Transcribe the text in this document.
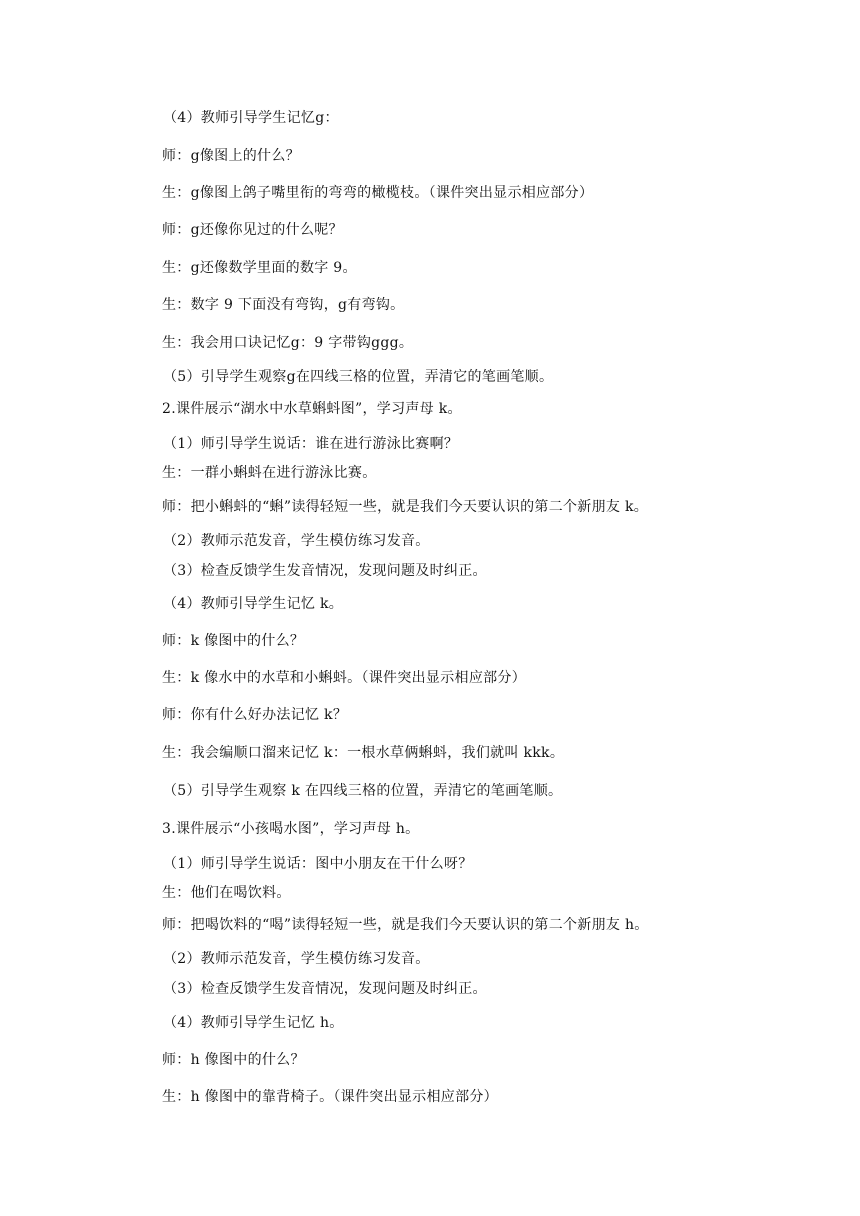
（4）教师引导学生记忆g：
师：g像图上的什么？
生：g像图上鸽子嘴里衔的弯弯的橄榄枝。（课件突出显示相应部分）
师：g还像你见过的什么呢？
生：g还像数学里面的数字 9。
生：数字 9 下面没有弯钩，g有弯钩。
生：我会用口诀记忆g：9 字带钩ggg。
（5）引导学生观察g在四线三格的位置，弄清它的笔画笔顺。
2.课件展示“湖水中水草蝌蚪图”，学习声母 k。
（1）师引导学生说话：谁在进行游泳比赛啊？
生：一群小蝌蚪在进行游泳比赛。
师：把小蝌蚪的“蝌”读得轻短一些，就是我们今天要认识的第二个新朋友 k。
（2）教师示范发音，学生模仿练习发音。
（3）检查反馈学生发音情况，发现问题及时纠正。
（4）教师引导学生记忆 k。
师：k 像图中的什么？
生：k 像水中的水草和小蝌蚪。（课件突出显示相应部分）
师：你有什么好办法记忆 k？
生：我会编顺口溜来记忆 k：一根水草俩蝌蚪，我们就叫 kkk。
（5）引导学生观察 k 在四线三格的位置，弄清它的笔画笔顺。
3.课件展示“小孩喝水图”，学习声母 h。
（1）师引导学生说话：图中小朋友在干什么呀？
生：他们在喝饮料。
师：把喝饮料的“喝”读得轻短一些，就是我们今天要认识的第二个新朋友 h。
（2）教师示范发音，学生模仿练习发音。
（3）检查反馈学生发音情况，发现问题及时纠正。
（4）教师引导学生记忆 h。
师：h 像图中的什么？
生：h 像图中的靠背椅子。（课件突出显示相应部分）
